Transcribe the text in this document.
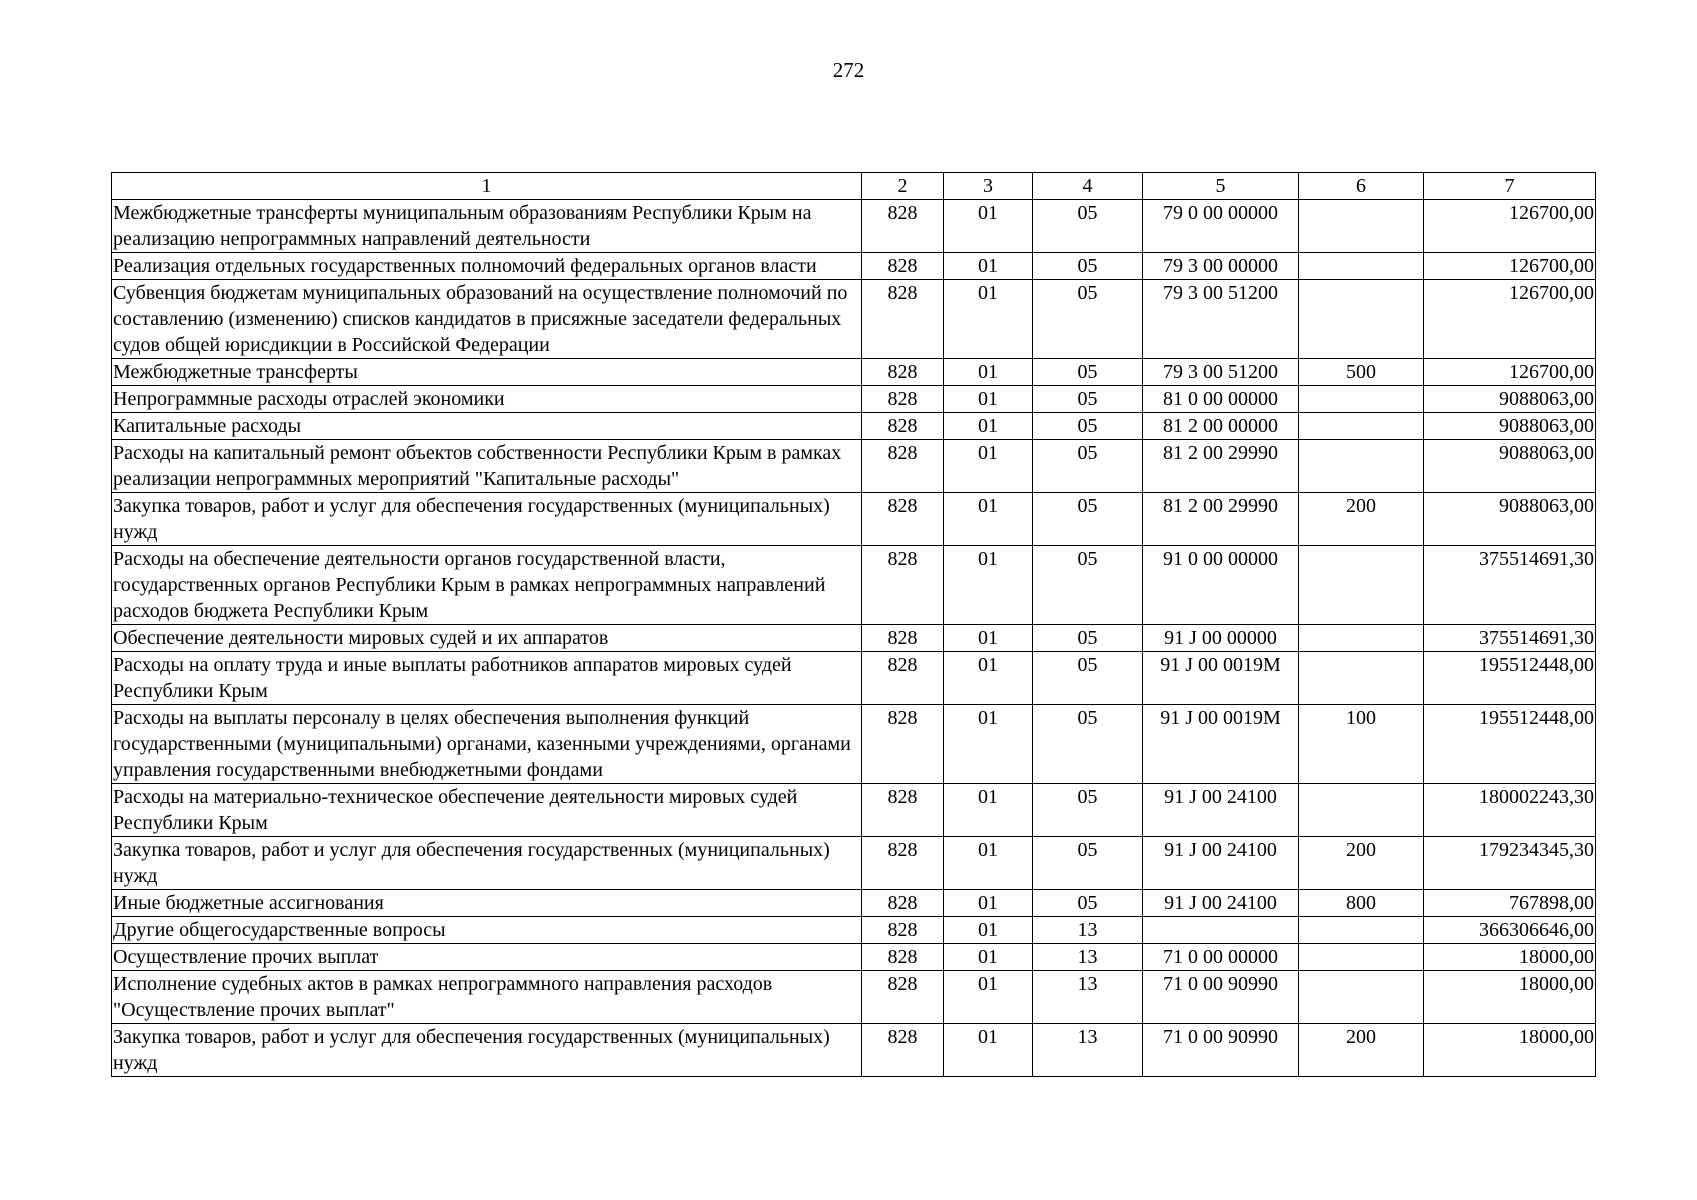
272
1	2	3	4	5	6	7
Межбюджетные трансферты муниципальным образованиям Республики Крым на реализацию непрограммных направлений деятельности	828	01	05	79 0 00 00000		126700,00
Реализация отдельных государственных полномочий федеральных органов власти	828	01	05	79 3 00 00000		126700,00
Субвенция бюджетам муниципальных образований на осуществление полномочий по составлению (изменению) списков кандидатов в присяжные заседатели федеральных судов общей юрисдикции в Российской Федерации	828	01	05	79 3 00 51200		126700,00
Межбюджетные трансферты	828	01	05	79 3 00 51200	500	126700,00
Непрограммные расходы отраслей экономики	828	01	05	81 0 00 00000		9088063,00
Капитальные расходы	828	01	05	81 2 00 00000		9088063,00
Расходы на капитальный ремонт объектов собственности Республики Крым в рамках реализации непрограммных мероприятий "Капитальные расходы"	828	01	05	81 2 00 29990		9088063,00
Закупка товаров, работ и услуг для обеспечения государственных (муниципальных) нужд	828	01	05	81 2 00 29990	200	9088063,00
Расходы на обеспечение деятельности органов государственной власти, государственных органов Республики Крым в рамках непрограммных направлений расходов бюджета Республики Крым	828	01	05	91 0 00 00000		375514691,30
Обеспечение деятельности мировых судей и их аппаратов	828	01	05	91 J 00 00000		375514691,30
Расходы на оплату труда и иные выплаты работников аппаратов мировых судей Республики Крым	828	01	05	91 J 00 0019М		195512448,00
Расходы на выплаты персоналу в целях обеспечения выполнения функций государственными (муниципальными) органами, казенными учреждениями, органами управления государственными внебюджетными фондами	828	01	05	91 J 00 0019М	100	195512448,00
Расходы на материально-техническое обеспечение деятельности мировых судей Республики Крым	828	01	05	91 J 00 24100		180002243,30
Закупка товаров, работ и услуг для обеспечения государственных (муниципальных) нужд	828	01	05	91 J 00 24100	200	179234345,30
Иные бюджетные ассигнования	828	01	05	91 J 00 24100	800	767898,00
Другие общегосударственные вопросы	828	01	13			366306646,00
Осуществление прочих выплат	828	01	13	71 0 00 00000		18000,00
Исполнение судебных актов в рамках непрограммного направления расходов "Осуществление прочих выплат"	828	01	13	71 0 00 90990		18000,00
Закупка товаров, работ и услуг для обеспечения государственных (муниципальных) нужд	828	01	13	71 0 00 90990	200	18000,00
